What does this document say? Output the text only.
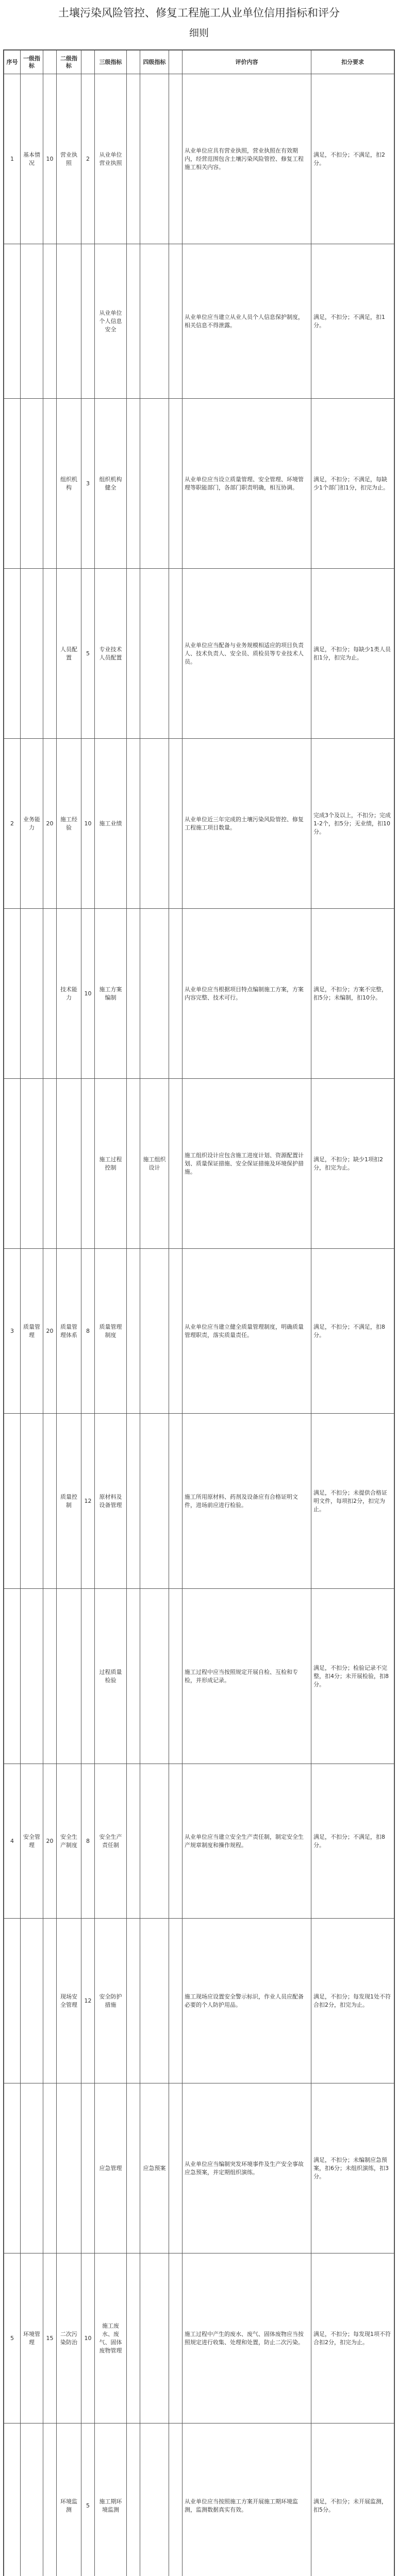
土壤污染风险管控、修复工程施工从业单位信用指标和评分
细则
序号	一级指标		二级指标		三级指标		四级指标		评价内容	扣分要求
1	基本情况	10	营业执照	2	从业单位营业执照				从业单位应具有营业执照，营业执照在有效期内，经营范围包含土壤污染风险管控、修复工程施工相关内容。	满足，不扣分；不满足，扣2分。
					从业单位个人信息安全				从业单位应当建立从业人员个人信息保护制度，相关信息不得泄露。	满足，不扣分；不满足，扣1分。
			组织机构	3	组织机构健全				从业单位应当设立质量管理、安全管理、环境管理等职能部门，各部门职责明确，相互协调。	满足，不扣分；不满足，每缺少1个部门扣1分，扣完为止。
			人员配置	5	专业技术人员配置				从业单位应当配备与业务规模相适应的项目负责人、技术负责人、安全员、质检员等专业技术人员。	满足，不扣分；每缺少1类人员扣1分，扣完为止。
2	业务能力	20	施工经验	10	施工业绩				从业单位近三年完成的土壤污染风险管控、修复工程施工项目数量。	完成3个及以上，不扣分；完成1-2个，扣5分；无业绩，扣10分。
			技术能力	10	施工方案编制				从业单位应当根据项目特点编制施工方案，方案内容完整、技术可行。	满足，不扣分；方案不完整，扣5分；未编制，扣10分。
					施工过程控制		施工组织设计		施工组织设计应包含施工进度计划、资源配置计划、质量保证措施、安全保证措施及环境保护措施。	满足，不扣分；缺少1项扣2分，扣完为止。
3	质量管理	20	质量管理体系	8	质量管理制度				从业单位应当建立健全质量管理制度，明确质量管理职责，落实质量责任。	满足，不扣分；不满足，扣8分。
			质量控制	12	原材料及设备管理				施工所用原材料、药剂及设备应有合格证明文件，进场前应进行检验。	满足，不扣分；未提供合格证明文件，每项扣2分，扣完为止。
					过程质量检验				施工过程中应当按照规定开展自检、互检和专检，并形成记录。	满足，不扣分；检验记录不完整，扣4分；未开展检验，扣8分。
4	安全管理	20	安全生产制度	8	安全生产责任制				从业单位应当建立安全生产责任制，制定安全生产规章制度和操作规程。	满足，不扣分；不满足，扣8分。
			现场安全管理	12	安全防护措施				施工现场应设置安全警示标识，作业人员应配备必要的个人防护用品。	满足，不扣分；每发现1处不符合扣2分，扣完为止。
					应急管理		应急预案		从业单位应当编制突发环境事件及生产安全事故应急预案，并定期组织演练。	满足，不扣分；未编制应急预案，扣6分；未组织演练，扣3分。
5	环境管理	15	二次污染防治	10	施工废水、废气、固体废物管理				施工过程中产生的废水、废气、固体废物应当按照规定进行收集、处理和处置，防止二次污染。	满足，不扣分；每发现1项不符合扣2分，扣完为止。
			环境监测	5	施工期环境监测				从业单位应当按照施工方案开展施工期环境监测，监测数据真实有效。	满足，不扣分；未开展监测，扣5分。
